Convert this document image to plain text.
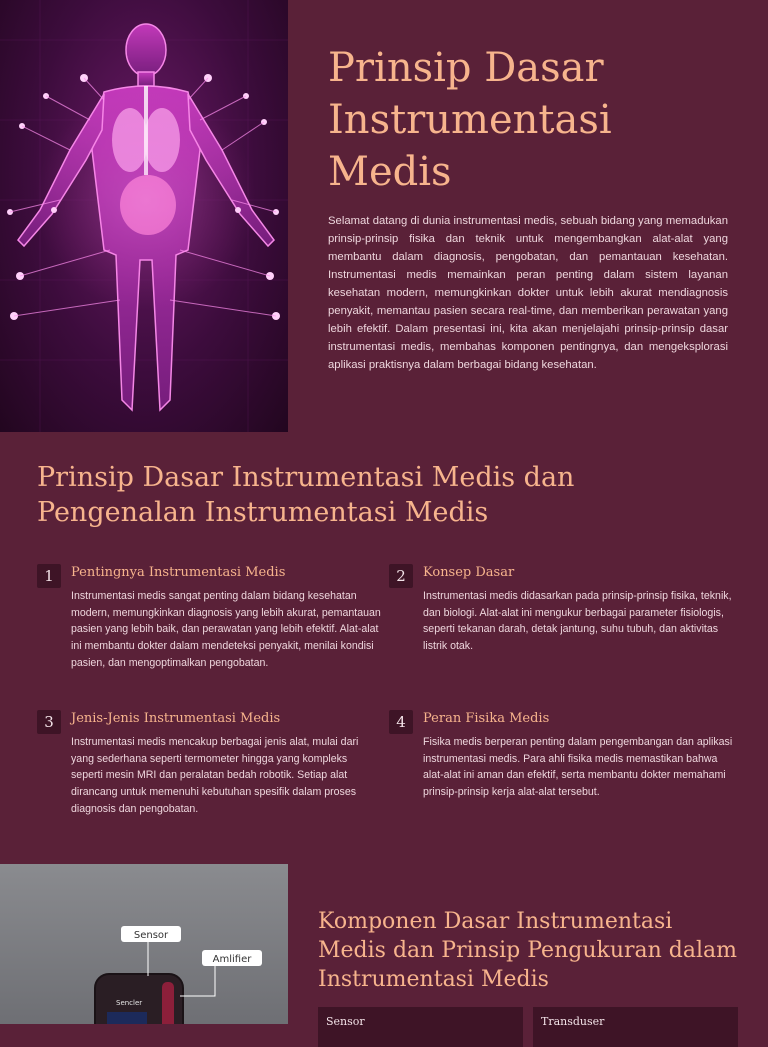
Prinsip Dasar Instrumentasi Medis

Selamat datang di dunia instrumentasi medis, sebuah bidang yang memadukan prinsip-prinsip fisika dan teknik untuk mengembangkan alat-alat yang membantu dalam diagnosis, pengobatan, dan pemantauan kesehatan. Instrumentasi medis memainkan peran penting dalam sistem layanan kesehatan modern, memungkinkan dokter untuk lebih akurat mendiagnosis penyakit, memantau pasien secara real-time, dan memberikan perawatan yang lebih efektif. Dalam presentasi ini, kita akan menjelajahi prinsip-prinsip dasar instrumentasi medis, membahas komponen pentingnya, dan mengeksplorasi aplikasi praktisnya dalam berbagai bidang kesehatan.

Prinsip Dasar Instrumentasi Medis dan Pengenalan Instrumentasi Medis
1	Pentingnya Instrumentasi Medis

Instrumentasi medis sangat penting dalam bidang kesehatan modern, memungkinkan diagnosis yang lebih akurat, pemantauan pasien yang lebih baik, dan perawatan yang lebih efektif. Alat-alat ini membantu dokter dalam mendeteksi penyakit, menilai kondisi pasien, dan mengoptimalkan pengobatan.

2	Konsep Dasar

Instrumentasi medis didasarkan pada prinsip-prinsip fisika, teknik, dan biologi. Alat-alat ini mengukur berbagai parameter fisiologis, seperti tekanan darah, detak jantung, suhu tubuh, dan aktivitas listrik otak.

3	Jenis-Jenis Instrumentasi Medis

Instrumentasi medis mencakup berbagai jenis alat, mulai dari yang sederhana seperti termometer hingga yang kompleks seperti mesin MRI dan peralatan bedah robotik. Setiap alat dirancang untuk memenuhi kebutuhan spesifik dalam proses diagnosis dan pengobatan.

4	Peran Fisika Medis

Fisika medis berperan penting dalam pengembangan dan aplikasi instrumentasi medis. Para ahli fisika medis memastikan bahwa alat-alat ini aman dan efektif, serta membantu dokter memahami prinsip-prinsip kerja alat-alat tersebut.

Sencler
Sensor
Amlifier
Komponen Dasar Instrumentasi Medis dan Prinsip Pengukuran dalam Instrumentasi Medis
Sensor	Transduser
